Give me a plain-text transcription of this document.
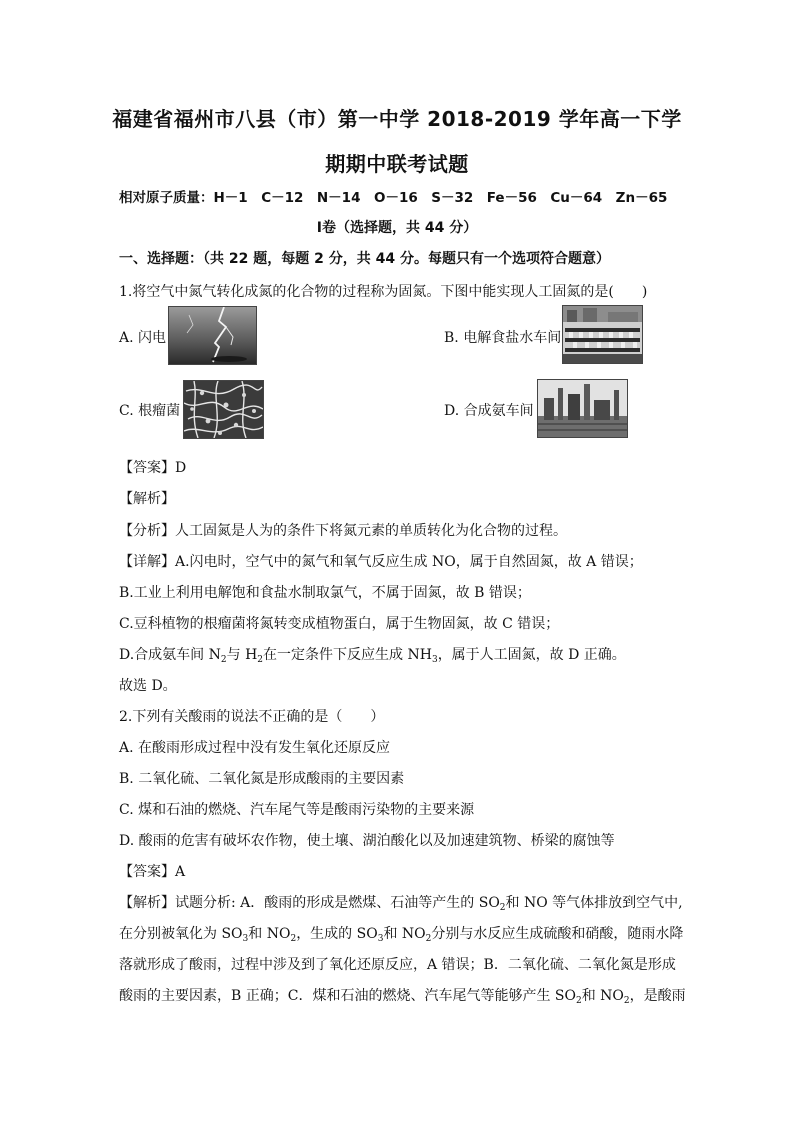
福建省福州市八县（市）第一中学 2018-2019 学年高一下学
期期中联考试题
相对原子质量：H－1　C－12　N－14　O－16　S－32　Fe－56　Cu－64　Zn－65
Ⅰ卷（选择题，共 44 分）
一、选择题：（共 22 题，每题 2 分，共 44 分。每题只有一个选项符合题意）
1.将空气中氮气转化成氮的化合物的过程称为固氮。下图中能实现人工固氮的是(　　)
A. 闪电	B. 电解食盐水车间
C. 根瘤菌	D. 合成氨车间
【答案】D
【解析】
【分析】人工固氮是人为的条件下将氮元素的单质转化为化合物的过程。
【详解】A.闪电时，空气中的氮气和氧气反应生成 NO，属于自然固氮，故 A 错误；
B.工业上利用电解饱和食盐水制取氯气，不属于固氮，故 B 错误；
C.豆科植物的根瘤菌将氮转变成植物蛋白，属于生物固氮，故 C 错误；
D.合成氨车间 $N_2$与 $H_2$在一定条件下反应生成 $NH_3$，属于人工固氮，故 D 正确。
故选 D。
2.下列有关酸雨的说法不正确的是（　　）
A. 在酸雨形成过程中没有发生氧化还原反应
B. 二氧化硫、二氧化氮是形成酸雨的主要因素
C. 煤和石油的燃烧、汽车尾气等是酸雨污染物的主要来源
D. 酸雨的危害有破坏农作物，使土壤、湖泊酸化以及加速建筑物、桥梁的腐蚀等
【答案】A
【解析】试题分析: A．酸雨的形成是燃煤、石油等产生的 $SO_2$和 NO 等气体排放到空气中,
在分别被氧化为 $SO_3$和 $NO_2$，生成的 $SO_3$和 $NO_2$分别与水反应生成硫酸和硝酸，随雨水降
落就形成了酸雨，过程中涉及到了氧化还原反应，A 错误；B．二氧化硫、二氧化氮是形成
酸雨的主要因素，B 正确；C．煤和石油的燃烧、汽车尾气等能够产生 $SO_2$和 $NO_2$，是酸雨
